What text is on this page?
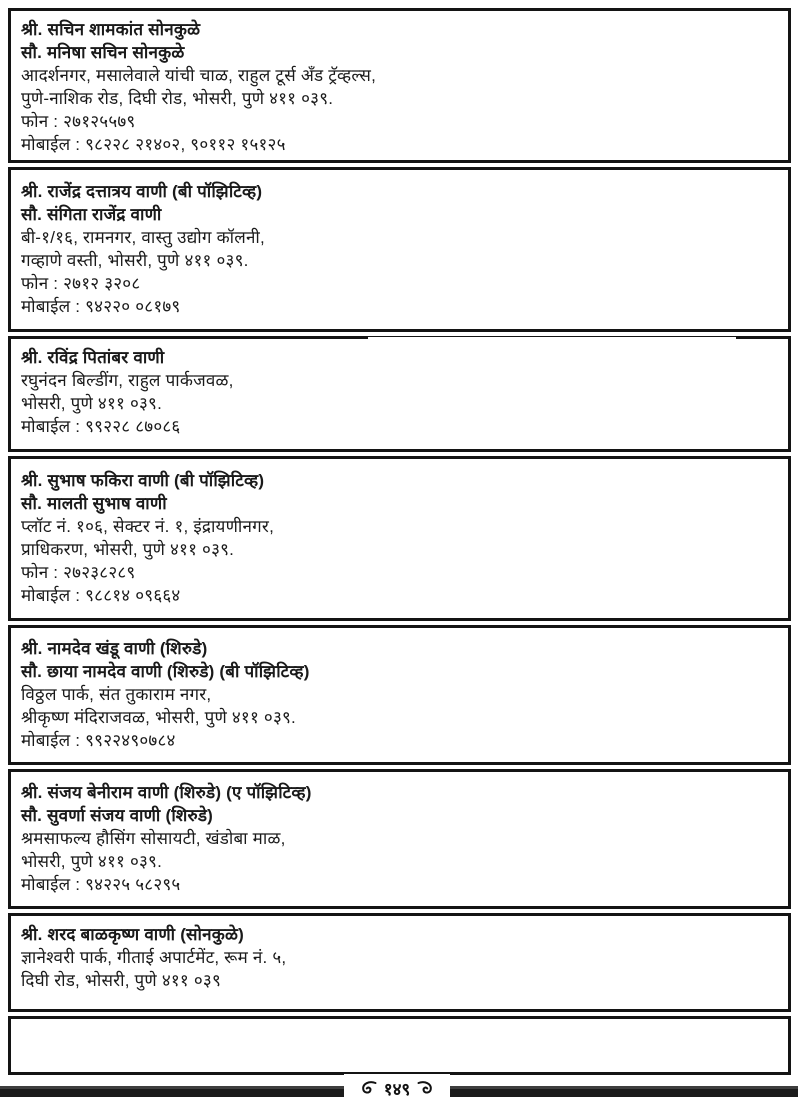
श्री. सचिन शामकांत सोनकुळे
सौ. मनिषा सचिन सोनकुळे
आदर्शनगर, मसालेवाले यांची चाळ, राहुल टूर्स अँड ट्रॅव्हल्स,
पुणे-नाशिक रोड, दिघी रोड, भोसरी, पुणे ४११ ०३९.
फोन : २७१२५५७९
मोबाईल : ९८२२८ २१४०२, ९०११२ १५१२५
श्री. राजेंद्र दत्तात्रय वाणी (बी पॉझिटिव्ह)
सौ. संगिता राजेंद्र वाणी
बी-१/१६, रामनगर, वास्तु उद्योग कॉलनी,
गव्हाणे वस्ती, भोसरी, पुणे ४११ ०३९.
फोन : २७१२ ३२०८
मोबाईल : ९४२२० ०८१७९
श्री. रविंद्र पितांबर वाणी
रघुनंदन बिल्डींग, राहुल पार्कजवळ,
भोसरी, पुणे ४११ ०३९.
मोबाईल : ९९२२८ ८७०८६
श्री. सुभाष फकिरा वाणी (बी पॉझिटिव्ह)
सौ. मालती सुभाष वाणी
प्लॉट नं. १०६, सेक्टर नं. १, इंद्रायणीनगर,
प्राधिकरण, भोसरी, पुणे ४११ ०३९.
फोन : २७२३८२८९
मोबाईल : ९८८१४ ०९६६४
श्री. नामदेव खंडू वाणी (शिरुडे)
सौ. छाया नामदेव वाणी (शिरुडे) (बी पॉझिटिव्ह)
विठ्ठल पार्क, संत तुकाराम नगर,
श्रीकृष्ण मंदिराजवळ, भोसरी, पुणे ४११ ०३९.
मोबाईल : ९९२२४९०७८४
श्री. संजय बेनीराम वाणी (शिरुडे) (ए पॉझिटिव्ह)
सौ. सुवर्णा संजय वाणी (शिरुडे)
श्रमसाफल्य हौसिंग सोसायटी, खंडोबा माळ,
भोसरी, पुणे ४११ ०३९.
मोबाईल : ९४२२५ ५८२९५
श्री. शरद बाळकृष्ण वाणी (सोनकुळे)
ज्ञानेश्वरी पार्क, गीताई अपार्टमेंट, रूम नं. ५,
दिघी रोड, भोसरी, पुणे ४११ ०३९
१४९
